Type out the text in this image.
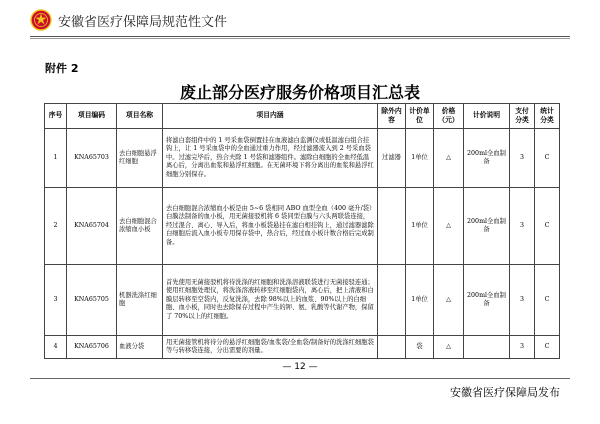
安徽省医疗保障局规范性文件
附件 2
废止部分医疗服务价格项目汇总表
序号	项目编码	项目名称	项目内涵	除外内容	计价单位	价格（元）	计价说明	支付分类	统计分类
1	KNA65703	去白细胞悬浮红细胞	将滤白套组件中的 1 号采血袋倒置挂在血液滤白监测仪或低温滤白组合挂钩上，让 1 号采血袋中的全血通过重力作用，经过滤器流入到 2 号采血袋中。过滤完毕后，热合夫除 1 号袋和滤器组件。滤除白细胞的全血经低温离心后，分离出血浆和悬浮红细胞。在无菌环境下将分离出的血浆和悬浮红细胞分别保存。	过滤器	1单位	△	200ml全血制备	3	C
2	KNA65704	去白细胞混合浓缩血小板	去白细胞混合浓缩血小板是由 5~6 袋相同 ABO 血型全血（400 毫升/袋）白膜法制备的血小板，用无菌接驳机将 6 袋同型白膜与六头两联袋连接，经过混合、离心、导入后，将血小板袋悬挂在滤白相挂钩上，通过滤器滤除白细胞后流入血小板专用保存袋中，热合后，经过血小板计数合格后完成制备。		1单位	△	200ml全血制备	3	C
3	KNA65705	机器洗涤红细胞	首先使用无菌接驳机将待洗涤的红细胞和洗涤溶液联袋进行无菌接驳连通；使用红细胞处理仪，将洗涤溶液转移至红细胞袋内，离心后，把上清液和白膜层转移至空袋内，反复洗涤，去除 98%以上的血浆、90%以上的白细胞、血小板，同时也去除保存过程中产生的钾、氨、乳酸等代谢产物，保留了 70%以上的红细胞。		1单位	△	200ml全血制备	3	C
4	KNA65706	血液分袋	用无菌接管机将待分的悬浮红细胞袋/血浆袋/全血袋/制备好的洗涤红细胞袋等与转移袋连接，分出需要的剂量。		袋	△		3	C
— 12 —
安徽省医疗保障局发布
